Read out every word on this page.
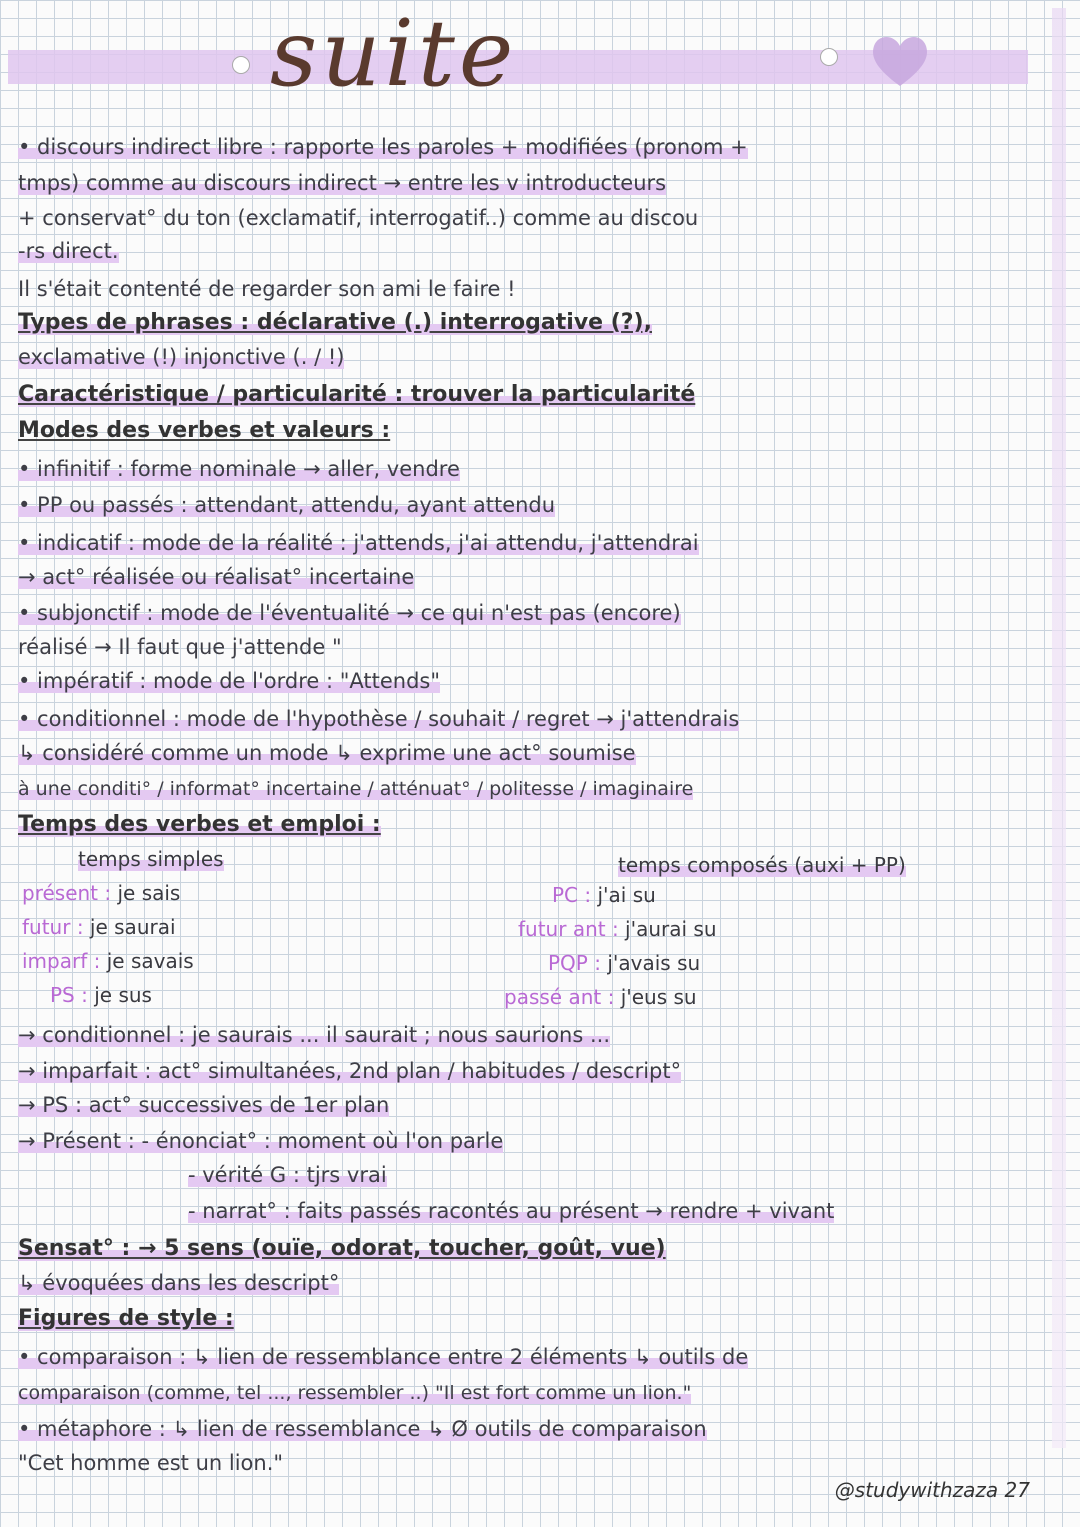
suite
• discours indirect libre : rapporte les paroles + modifiées (pronom +
tmps) comme au discours indirect → entre les v introducteurs
+ conservat° du ton (exclamatif, interrogatif..) comme au discou
-rs direct.
Il s'était contenté de regarder son ami le faire !
Types de phrases : déclarative (.) interrogative (?),
exclamative (!) injonctive (. / !)
Caractéristique / particularité : trouver la particularité
Modes des verbes et valeurs :
• infinitif : forme nominale → aller, vendre
• PP ou passés : attendant, attendu, ayant attendu
• indicatif : mode de la réalité : j'attends, j'ai attendu, j'attendrai
→ act° réalisée ou réalisat° incertaine
• subjonctif : mode de l'éventualité → ce qui n'est pas (encore)
réalisé → Il faut que j'attende "
• impératif : mode de l'ordre : "Attends"
• conditionnel : mode de l'hypothèse / souhait / regret → j'attendrais
↳ considéré comme un mode ↳ exprime une act° soumise
à une conditi° / informat° incertaine / atténuat° / politesse / imaginaire
Temps des verbes et emploi :
temps simples	temps composés (auxi + PP)
présent : je sais
futur : je saurai
imparf : je savais
PS : je sus
PC : j'ai su
futur ant : j'aurai su
PQP : j'avais su
passé ant : j'eus su
→ conditionnel : je saurais ... il saurait ; nous saurions ...
→ imparfait : act° simultanées, 2nd plan / habitudes / descript°
→ PS : act° successives de 1er plan
→ Présent : - énonciat° : moment où l'on parle
- vérité G : tjrs vrai
- narrat° : faits passés racontés au présent → rendre + vivant
Sensat° : → 5 sens (ouïe, odorat, toucher, goût, vue)
↳ évoquées dans les descript°
Figures de style :
• comparaison : ↳ lien de ressemblance entre 2 éléments ↳ outils de
comparaison (comme, tel ..., ressembler ..) "Il est fort comme un lion."
• métaphore : ↳ lien de ressemblance ↳ Ø outils de comparaison
"Cet homme est un lion."
@studywithzaza 27
